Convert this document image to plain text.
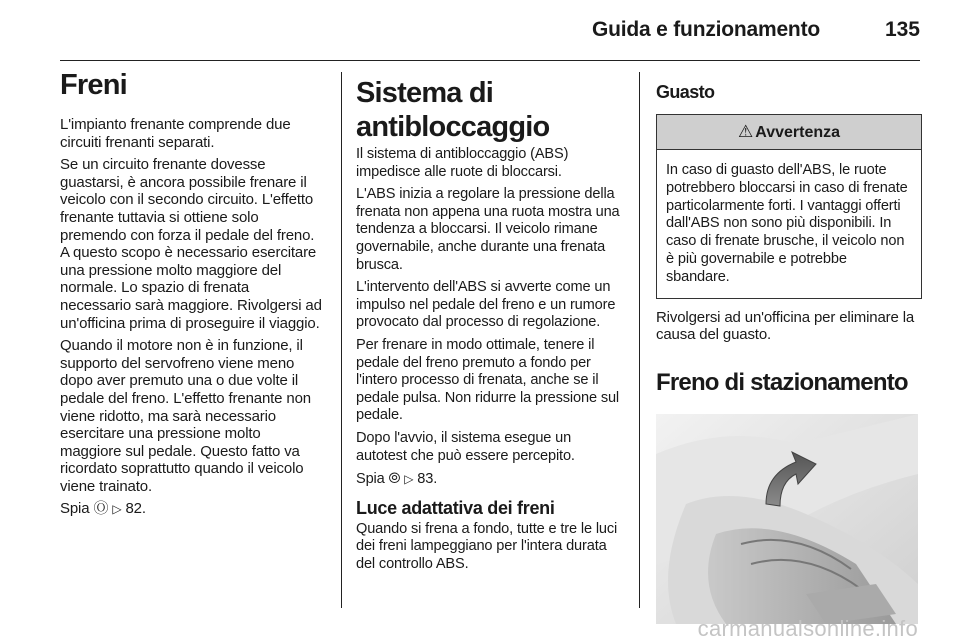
Guida e funzionamento	135
Freni

L'impianto frenante comprende due circuiti frenanti separati.

Se un circuito frenante dovesse guastarsi, è ancora possibile frenare il veicolo con il secondo circuito. L'effetto frenante tuttavia si ottiene solo premendo con forza il pedale del freno. A questo scopo è necessario esercitare una pressione molto maggiore del normale. Lo spazio di frenata necessario sarà maggiore. Rivolgersi ad un'officina prima di proseguire il viaggio.

Quando il motore non è in funzione, il supporto del servofreno viene meno dopo aver premuto una o due volte il pedale del freno. L'effetto frenante non viene ridotto, ma sarà necessario esercitare una pressione molto maggiore sul pedale. Questo fatto va ricordato soprattutto quando il veicolo viene trainato.

Spia Ⓞ ▷ 82.

Sistema di antibloccaggio

Il sistema di antibloccaggio (ABS) impedisce alle ruote di bloccarsi.

L'ABS inizia a regolare la pressione della frenata non appena una ruota mostra una tendenza a bloccarsi. Il veicolo rimane governabile, anche durante una frenata brusca.

L'intervento dell'ABS si avverte come un impulso nel pedale del freno e un rumore provocato dal processo di regolazione.

Per frenare in modo ottimale, tenere il pedale del freno premuto a fondo per l'intero processo di frenata, anche se il pedale pulsa. Non ridurre la pressione sul pedale.

Dopo l'avvio, il sistema esegue un autotest che può essere percepito.

Spia ⦾ ▷ 83.

Luce adattativa dei freni

Quando si frena a fondo, tutte e tre le luci dei freni lampeggiano per l'intera durata del controllo ABS.

Guasto
⚠ Avvertenza

In caso di guasto dell'ABS, le ruote potrebbero bloccarsi in caso di frenate particolarmente forti. I vantaggi offerti dall'ABS non sono più disponibili. In caso di frenate brusche, il veicolo non è più governabile e potrebbe sbandare.

Rivolgersi ad un'officina per eliminare la causa del guasto.

Freno di stazionamento
carmanualsonline.info
